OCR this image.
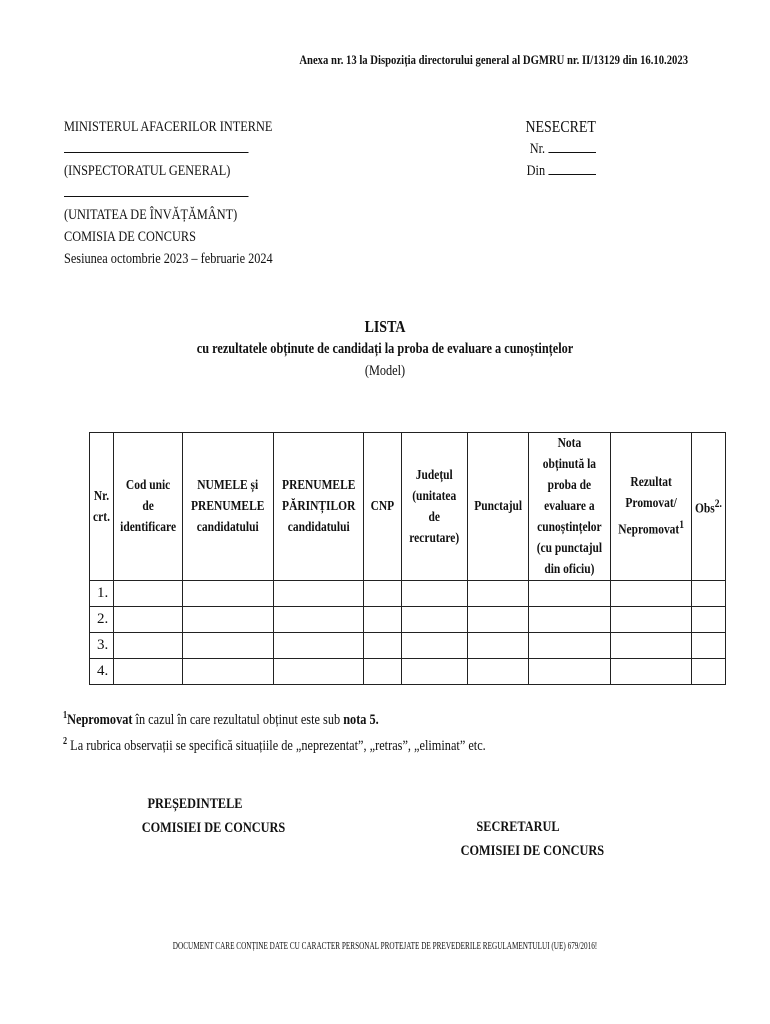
Anexa nr. 13 la Dispoziția directorului general al DGMRU nr. II/13129 din 16.10.2023
MINISTERUL AFACERILOR INTERNE
(INSPECTORATUL GENERAL)
(UNITATEA DE ÎNVĂȚĂMÂNT)
COMISIA DE CONCURS
Sesiunea octombrie 2023 – februarie 2024
NESECRET
Nr.
Din
LISTA
cu rezultatele obținute de candidați la proba de evaluare a cunoștințelor
(Model)
Nr. crt.	Cod unic de identificare	NUMELE și PRENUMELE candidatului	PRENUMELE PĂRINȚILOR candidatului	CNP	Județul (unitatea de recrutare)	Punctajul	Nota obținută la proba de evaluare a cunoștințelor (cu punctajul din oficiu)	Rezultat Promovat/ Nepromovat$^1$	Obs$^{2.}$
1.									
2.									
3.									
4.									
$^1$Nepromovat în cazul în care rezultatul obținut este sub nota 5.
$^2$ La rubrica observații se specifică situațiile de „neprezentat”, „retras”, „eliminat” etc.
PREȘEDINTELE
COMISIEI DE CONCURS	SECRETARUL
COMISIEI DE CONCURS
DOCUMENT CARE CONȚINE DATE CU CARACTER PERSONAL PROTEJATE DE PREVEDERILE REGULAMENTULUI (UE) 679/2016!
